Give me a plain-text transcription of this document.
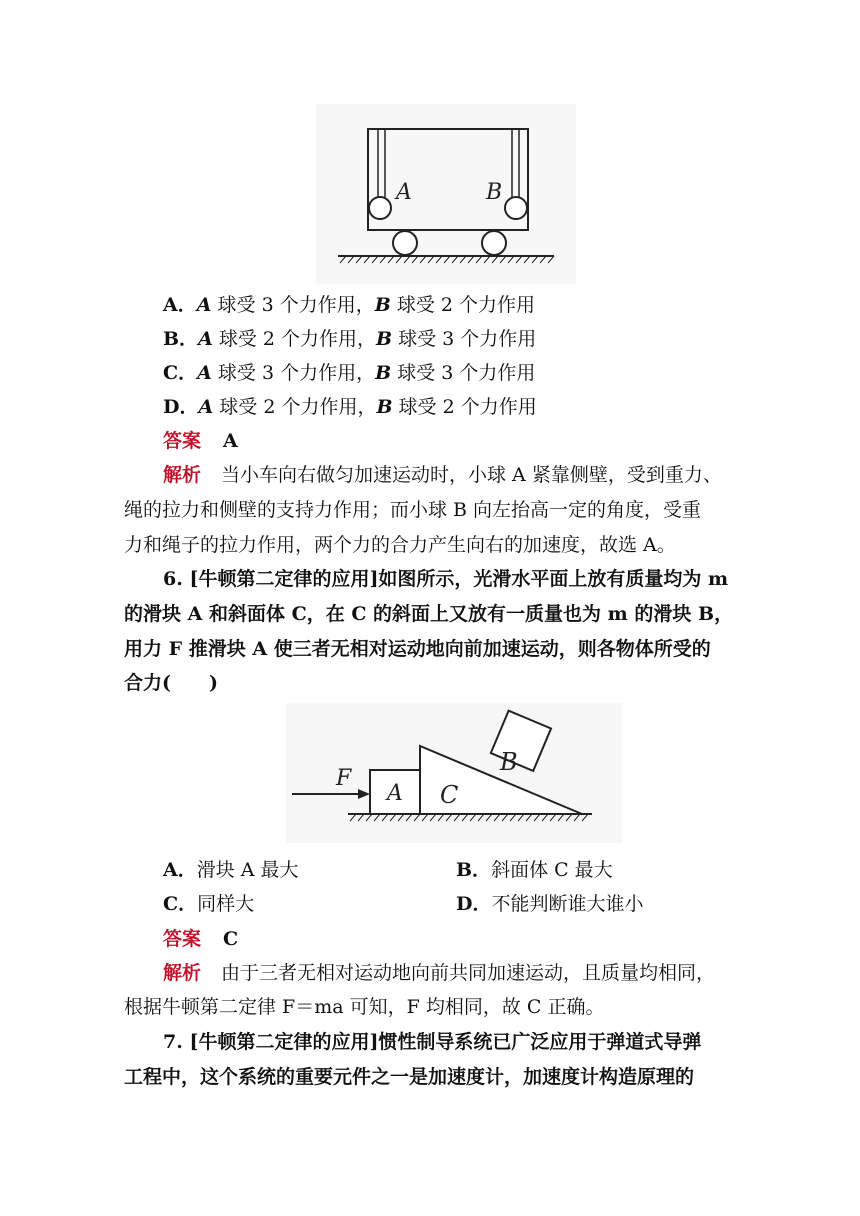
A	B
A．A 球受 3 个力作用，B 球受 2 个力作用
B．A 球受 2 个力作用，B 球受 3 个力作用
C．A 球受 3 个力作用，B 球受 3 个力作用
D．A 球受 2 个力作用，B 球受 2 个力作用
答案 A
解析 当小车向右做匀加速运动时，小球 A 紧靠侧壁，受到重力、
绳的拉力和侧壁的支持力作用；而小球 B 向左抬高一定的角度，受重
力和绳子的拉力作用，两个力的合力产生向右的加速度，故选 A。
6. [牛顿第二定律的应用]如图所示，光滑水平面上放有质量均为 m
的滑块 A 和斜面体 C，在 C 的斜面上又放有一质量也为 m 的滑块 B，
用力 F 推滑块 A 使三者无相对运动地向前加速运动，则各物体所受的
合力(　　)
F
A C
B
A．滑块 A 最大	B．斜面体 C 最大
C．同样大	D．不能判断谁大谁小
答案 C
解析 由于三者无相对运动地向前共同加速运动，且质量均相同，
根据牛顿第二定律 F＝ma 可知，F 均相同，故 C 正确。
7. [牛顿第二定律的应用]惯性制导系统已广泛应用于弹道式导弹
工程中，这个系统的重要元件之一是加速度计，加速度计构造原理的
